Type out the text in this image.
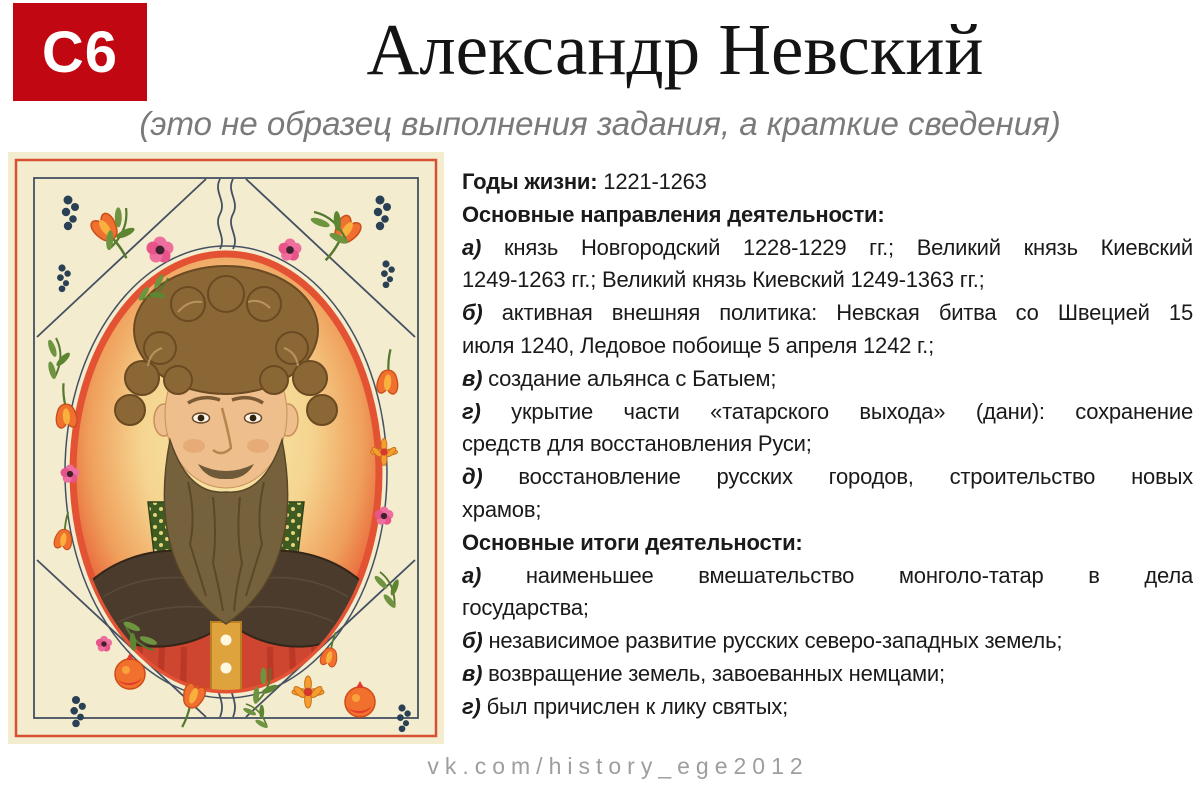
C6	Александр Невский
(это не образец выполнения задания, а краткие сведения)
Годы жизни: 1221-1263
Основные направления деятельности:
а) князь Новгородский 1228-1229 гг.; Великий князь Киевский
1249-1263 гг.; Великий князь Киевский 1249-1363 гг.;
б) активная внешняя политика: Невская битва со Швецией 15
июля 1240, Ледовое побоище 5 апреля 1242 г.;
в) создание альянса с Батыем;
г) укрытие части «татарского выхода» (дани): сохранение
средств для восстановления Руси;
д) восстановление русских городов, строительство новых
храмов;
Основные итоги деятельности:
а) наименьшее вмешательство монголо-татар в дела
государства;
б) независимое развитие русских северо-западных земель;
в) возвращение земель, завоеванных немцами;
г) был причислен к лику святых;
vk.com/history_ege2012
